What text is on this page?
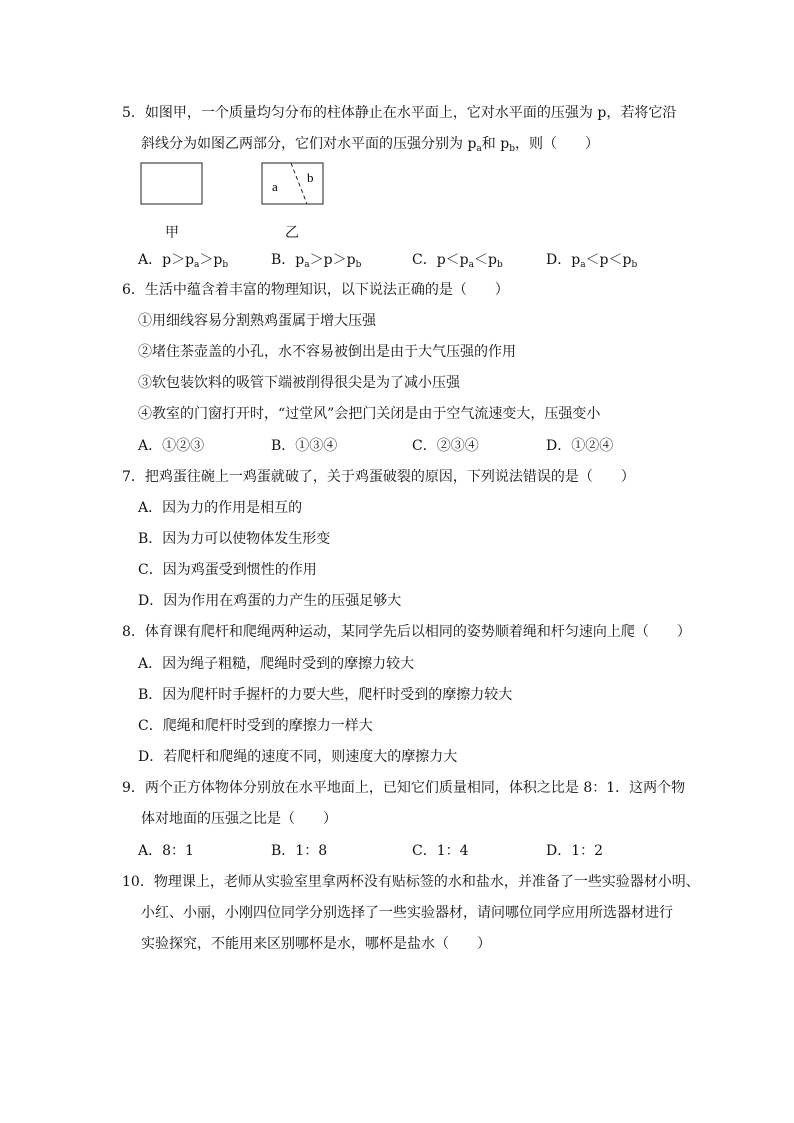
5．如图甲，一个质量均匀分布的柱体静止在水平面上，它对水平面的压强为 p，若将它沿
斜线分为如图乙两部分，它们对水平面的压强分别为 $p_a$和 $p_b$，则（　　）
a
b
甲	乙
A．$p>p_a>p_b$	B．$p_a>p>p_b$	C．$p<p_a<p_b$	D．$p_a<p<p_b$
6．生活中蕴含着丰富的物理知识，以下说法正确的是（　　）
①用细线容易分割熟鸡蛋属于增大压强
②堵住茶壶盖的小孔，水不容易被倒出是由于大气压强的作用
③软包装饮料的吸管下端被削得很尖是为了减小压强
④教室的门窗打开时，“过堂风”会把门关闭是由于空气流速变大，压强变小
A．①②③	B．①③④	C．②③④	D．①②④
7．把鸡蛋往碗上一鸡蛋就破了，关于鸡蛋破裂的原因，下列说法错误的是（　　）
A．因为力的作用是相互的
B．因为力可以使物体发生形变
C．因为鸡蛋受到惯性的作用
D．因为作用在鸡蛋的力产生的压强足够大
8．体育课有爬杆和爬绳两种运动，某同学先后以相同的姿势顺着绳和杆匀速向上爬（　　）
A．因为绳子粗糙，爬绳时受到的摩擦力较大
B．因为爬杆时手握杆的力要大些，爬杆时受到的摩擦力较大
C．爬绳和爬杆时受到的摩擦力一样大
D．若爬杆和爬绳的速度不同，则速度大的摩擦力大
9．两个正方体物体分别放在水平地面上，已知它们质量相同，体积之比是 8：1．这两个物
体对地面的压强之比是（　　）
A．8：1	B．1：8	C．1：4	D．1：2
10．物理课上，老师从实验室里拿两杯没有贴标签的水和盐水，并准备了一些实验器材小明、
小红、小丽，小刚四位同学分别选择了一些实验器材，请问哪位同学应用所选器材进行
实验探究，不能用来区别哪杯是水，哪杯是盐水（　　）
